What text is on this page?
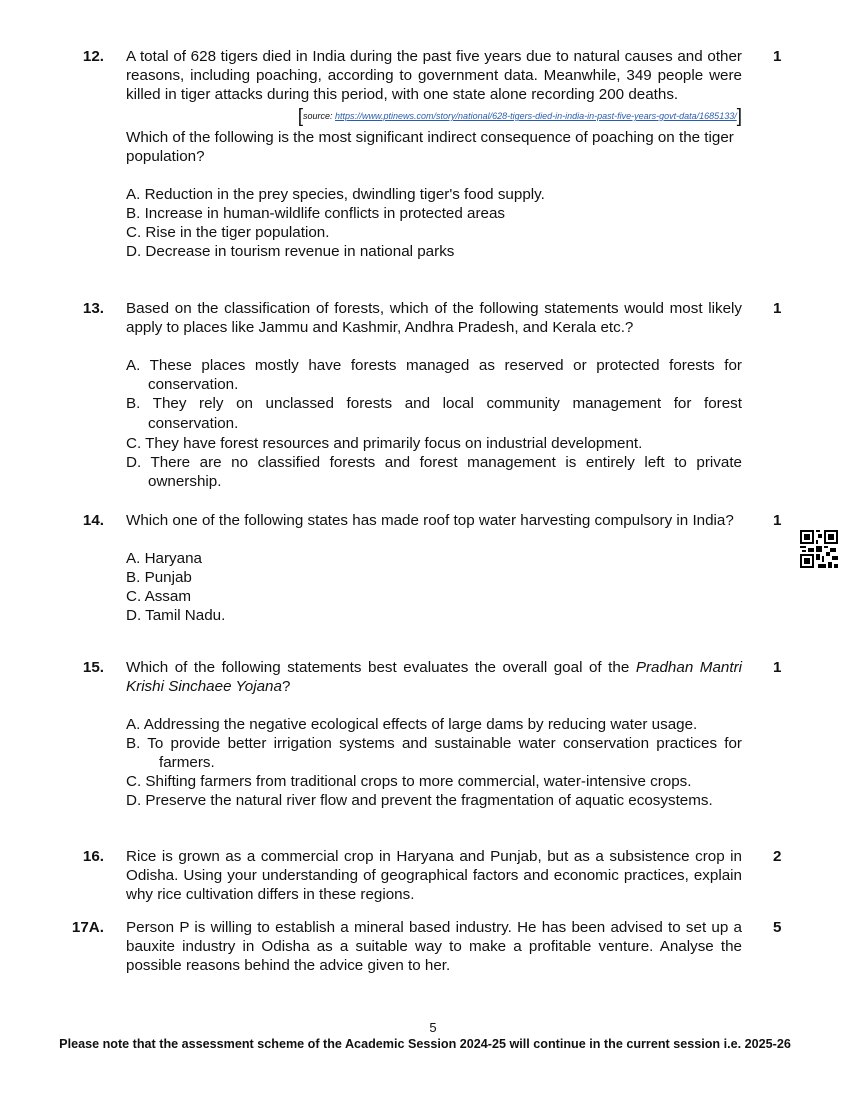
12.	1
A total of 628 tigers died in India during the past five years due to natural causes and other reasons, including poaching, according to government data. Meanwhile, 349 people were killed in tiger attacks during this period, with one state alone recording 200 deaths.
[source: https://www.ptinews.com/story/national/628-tigers-died-in-india-in-past-five-years-govt-data/1685133/]
Which of the following is the most significant indirect consequence of poaching on the tiger population?
A. Reduction in the prey species, dwindling tiger's food supply.
B. Increase in human-wildlife conflicts in protected areas
C. Rise in the tiger population.
D. Decrease in tourism revenue in national parks
13.	1
Based on the classification of forests, which of the following statements would most likely apply to places like Jammu and Kashmir, Andhra Pradesh, and Kerala etc.?
A. These places mostly have forests managed as reserved or protected forests for conservation.
B. They rely on unclassed forests and local community management for forest conservation.
C. They have forest resources and primarily focus on industrial development.
D. There are no classified forests and forest management is entirely left to private ownership.
14.	1
Which one of the following states has made roof top water harvesting compulsory in India?
A. Haryana
B. Punjab
C. Assam
D. Tamil Nadu.
15.	1
Which of the following statements best evaluates the overall goal of the Pradhan Mantri Krishi Sinchaee Yojana?
A. Addressing the negative ecological effects of large dams by reducing water usage.
B. To provide better irrigation systems and sustainable water conservation practices for farmers.
C. Shifting farmers from traditional crops to more commercial, water-intensive crops.
D. Preserve the natural river flow and prevent the fragmentation of aquatic ecosystems.
16.	2
Rice is grown as a commercial crop in Haryana and Punjab, but as a subsistence crop in Odisha. Using your understanding of geographical factors and economic practices, explain why rice cultivation differs in these regions.
17A.	5
Person P is willing to establish a mineral based industry. He has been advised to set up a bauxite industry in Odisha as a suitable way to make a profitable venture. Analyse the possible reasons behind the advice given to her.
5
Please note that the assessment scheme of the Academic Session 2024-25 will continue in the current session i.e. 2025-26
